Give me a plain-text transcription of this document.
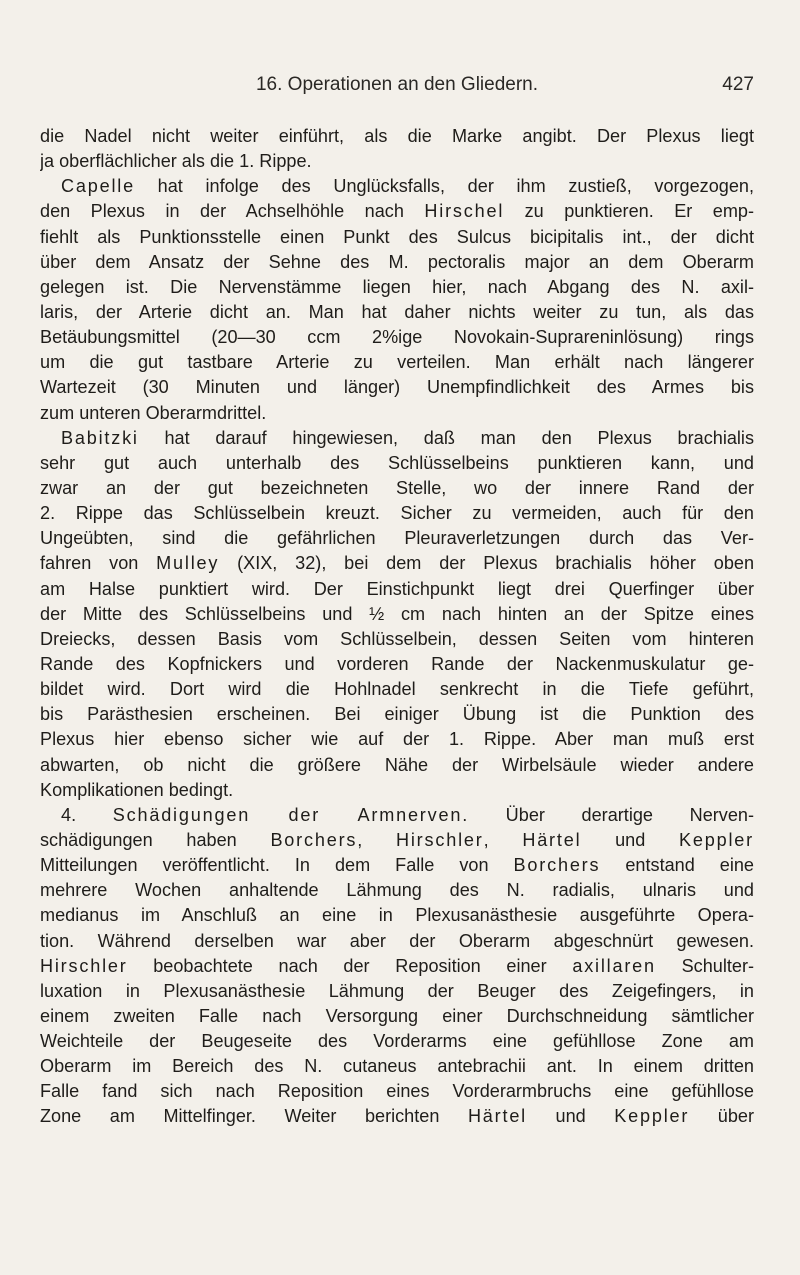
16. Operationen an den Gliedern.	427
die Nadel nicht weiter einführt, als die Marke angibt. Der Plexus liegt
ja oberflächlicher als die 1. Rippe.
Capelle hat infolge des Unglücksfalls, der ihm zustieß, vorgezogen,
den Plexus in der Achselhöhle nach Hirschel zu punktieren. Er emp-
fiehlt als Punktionsstelle einen Punkt des Sulcus bicipitalis int., der dicht
über dem Ansatz der Sehne des M. pectoralis major an dem Oberarm
gelegen ist. Die Nervenstämme liegen hier, nach Abgang des N. axil-
laris, der Arterie dicht an. Man hat daher nichts weiter zu tun, als das
Betäubungsmittel (20—30 ccm 2%ige Novokain-Suprareninlösung) rings
um die gut tastbare Arterie zu verteilen. Man erhält nach längerer
Wartezeit (30 Minuten und länger) Unempfindlichkeit des Armes bis
zum unteren Oberarmdrittel.
Babitzki hat darauf hingewiesen, daß man den Plexus brachialis
sehr gut auch unterhalb des Schlüsselbeins punktieren kann, und
zwar an der gut bezeichneten Stelle, wo der innere Rand der
2. Rippe das Schlüsselbein kreuzt. Sicher zu vermeiden, auch für den
Ungeübten, sind die gefährlichen Pleuraverletzungen durch das Ver-
fahren von Mulley (XIX, 32), bei dem der Plexus brachialis höher oben
am Halse punktiert wird. Der Einstichpunkt liegt drei Querfinger über
der Mitte des Schlüsselbeins und ½ cm nach hinten an der Spitze eines
Dreiecks, dessen Basis vom Schlüsselbein, dessen Seiten vom hinteren
Rande des Kopfnickers und vorderen Rande der Nackenmuskulatur ge-
bildet wird. Dort wird die Hohlnadel senkrecht in die Tiefe geführt,
bis Parästhesien erscheinen. Bei einiger Übung ist die Punktion des
Plexus hier ebenso sicher wie auf der 1. Rippe. Aber man muß erst
abwarten, ob nicht die größere Nähe der Wirbelsäule wieder andere
Komplikationen bedingt.
4. Schädigungen der Armnerven. Über derartige Nerven-
schädigungen haben Borchers, Hirschler, Härtel und Keppler
Mitteilungen veröffentlicht. In dem Falle von Borchers entstand eine
mehrere Wochen anhaltende Lähmung des N. radialis, ulnaris und
medianus im Anschluß an eine in Plexusanästhesie ausgeführte Opera-
tion. Während derselben war aber der Oberarm abgeschnürt gewesen.
Hirschler beobachtete nach der Reposition einer axillaren Schulter-
luxation in Plexusanästhesie Lähmung der Beuger des Zeigefingers, in
einem zweiten Falle nach Versorgung einer Durchschneidung sämtlicher
Weichteile der Beugeseite des Vorderarms eine gefühllose Zone am
Oberarm im Bereich des N. cutaneus antebrachii ant. In einem dritten
Falle fand sich nach Reposition eines Vorderarmbruchs eine gefühllose
Zone am Mittelfinger. Weiter berichten Härtel und Keppler über
